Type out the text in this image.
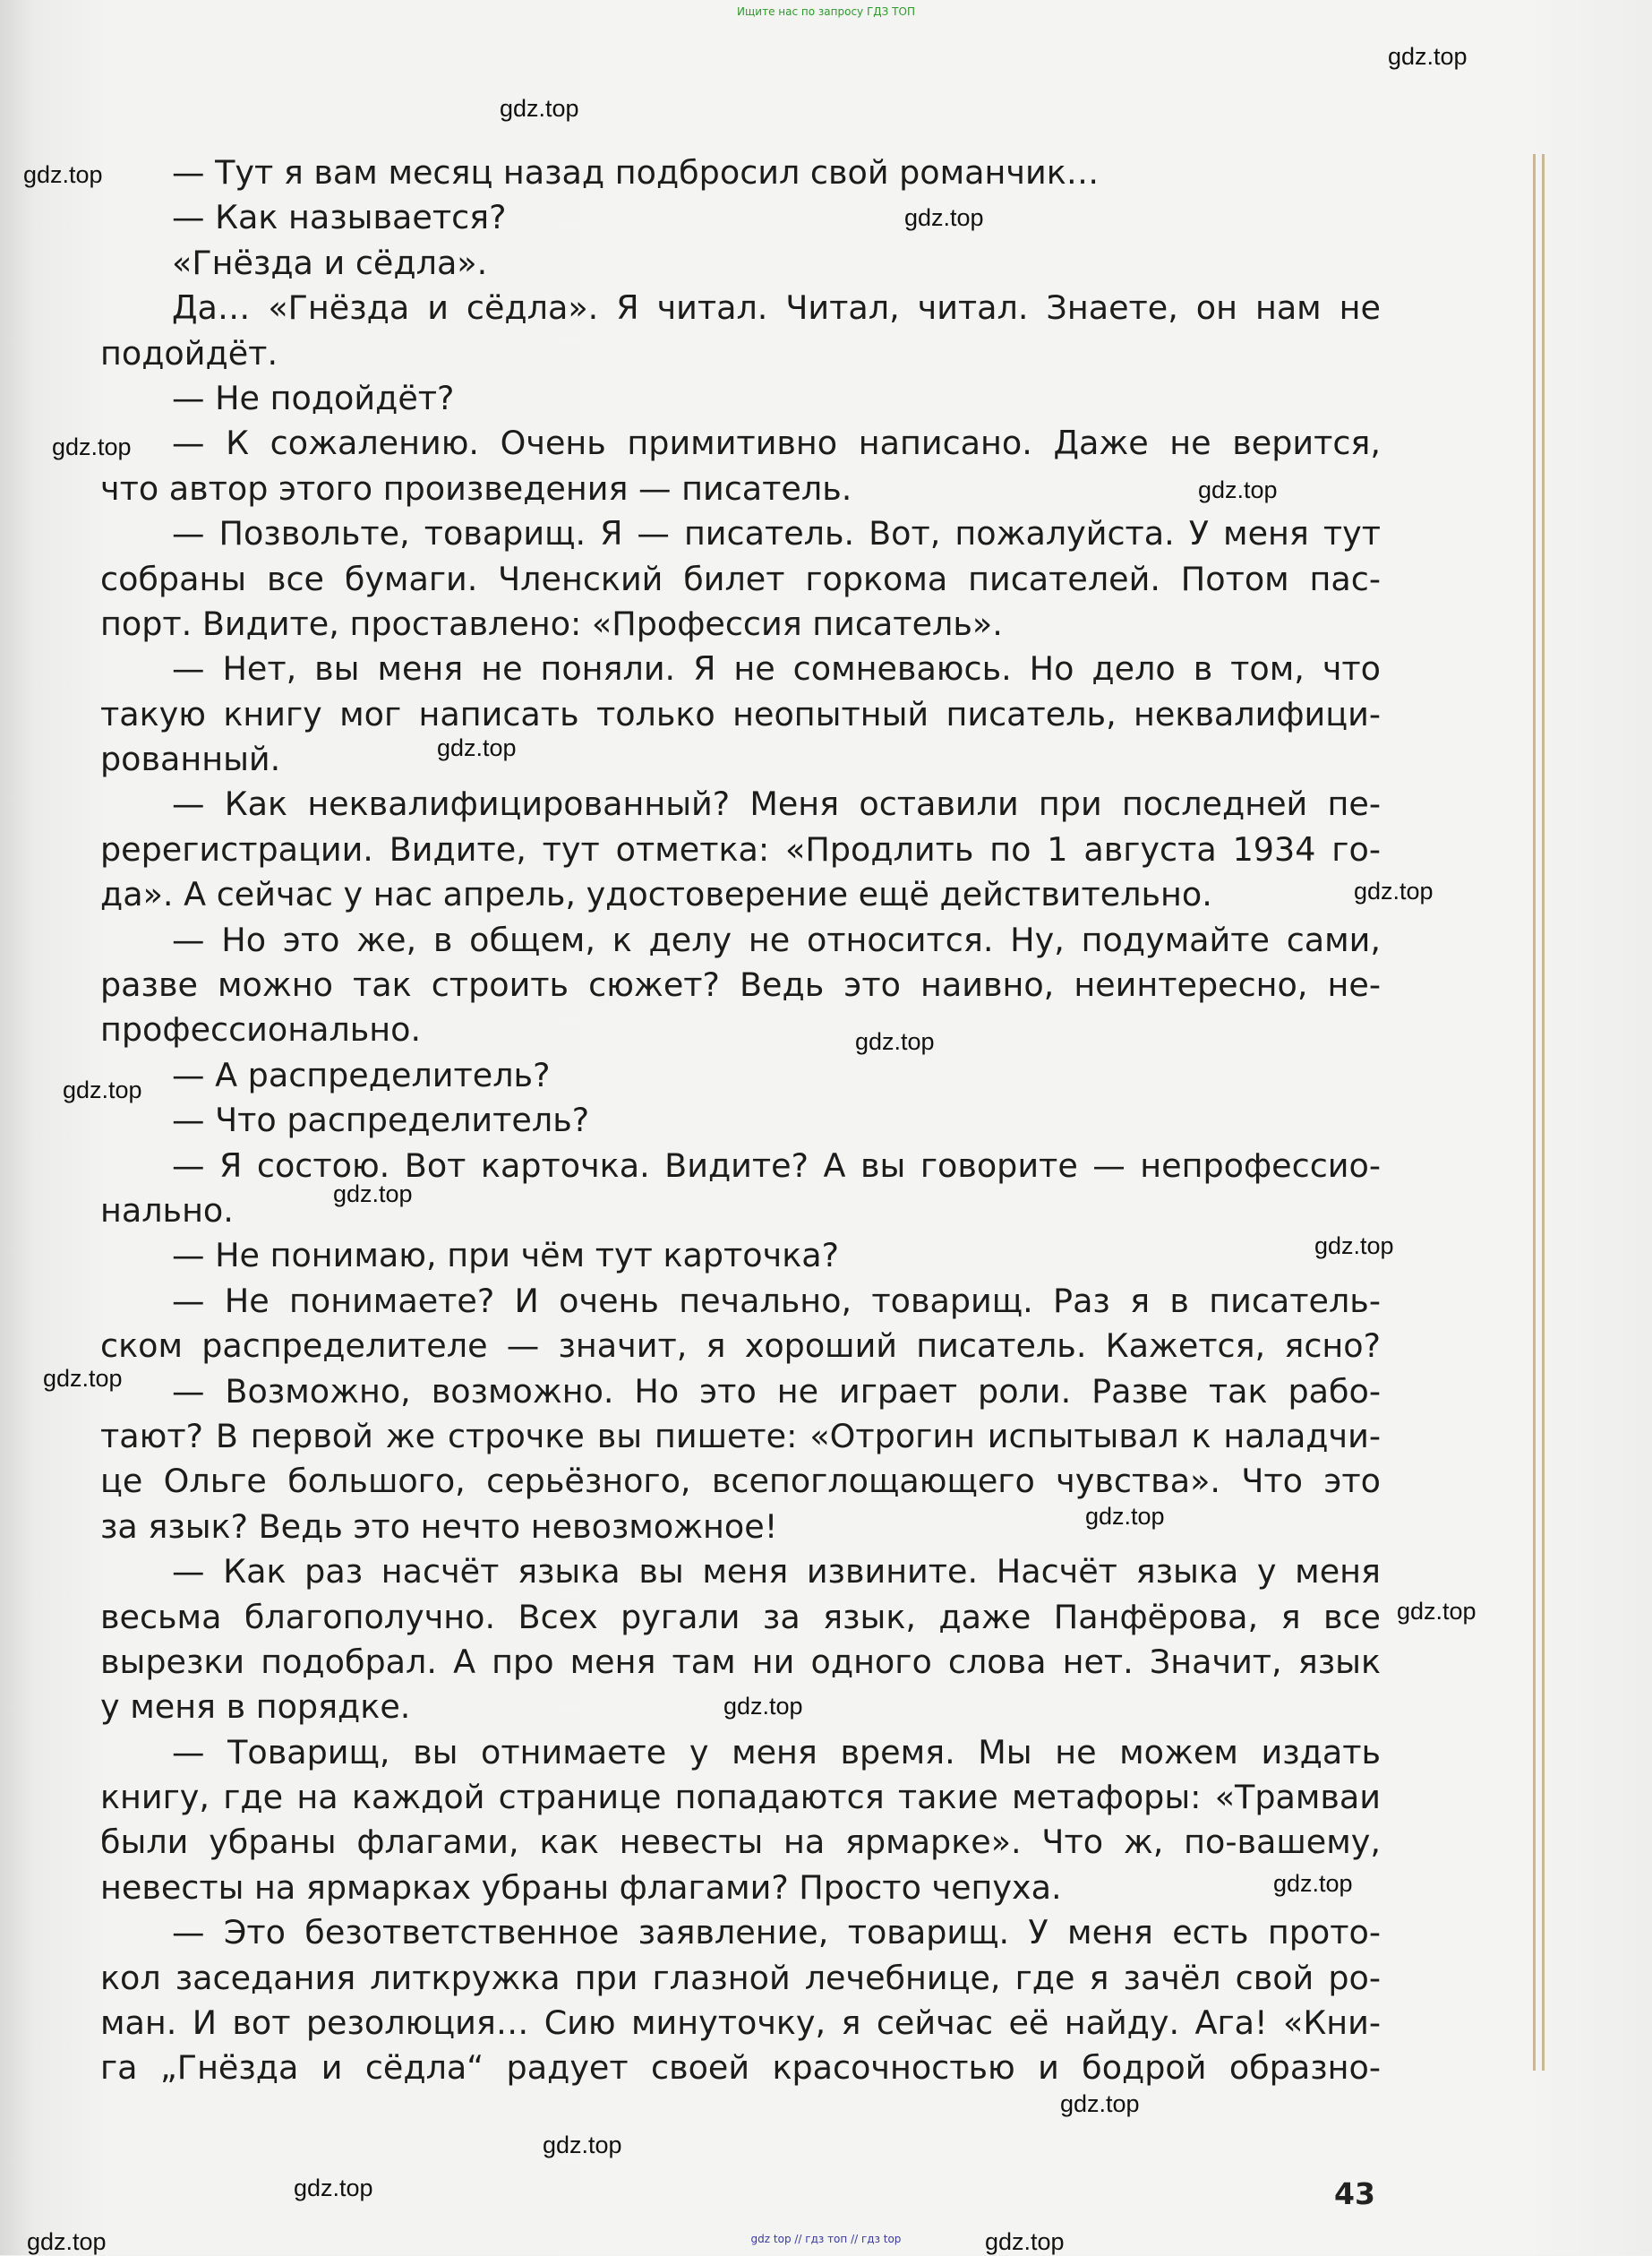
Ищите нас по запросу ГДЗ ТОП
— Тут я вам месяц назад подбросил свой романчик…
— Как называется?
«Гнёзда и сёдла».
Да… «Гнёзда и сёдла». Я читал. Читал, читал. Знаете, он нам не
подойдёт.
— Не подойдёт?
— К сожалению. Очень примитивно написано. Даже не верится,
что автор этого произведения — писатель.
— Позвольте, товарищ. Я — писатель. Вот, пожалуйста. У меня тут
собраны все бумаги. Членский билет горкома писателей. Потом пас-
порт. Видите, проставлено: «Профессия писатель».
— Нет, вы меня не поняли. Я не сомневаюсь. Но дело в том, что
такую книгу мог написать только неопытный писатель, неквалифици-
рованный.
— Как неквалифицированный? Меня оставили при последней пе-
ререгистрации. Видите, тут отметка: «Продлить по 1 августа 1934 го-
да». А сейчас у нас апрель, удостоверение ещё действительно.
— Но это же, в общем, к делу не относится. Ну, подумайте сами,
разве можно так строить сюжет? Ведь это наивно, неинтересно, не-
профессионально.
— А распределитель?
— Что распределитель?
— Я состою. Вот карточка. Видите? А вы говорите — непрофессио-
нально.
— Не понимаю, при чём тут карточка?
— Не понимаете? И очень печально, товарищ. Раз я в писатель-
ском распределителе — значит, я хороший писатель. Кажется, ясно?
— Возможно, возможно. Но это не играет роли. Разве так рабо-
тают? В первой же строчке вы пишете: «Отрогин испытывал к наладчи-
це Ольге большого, серьёзного, всепоглощающего чувства». Что это
за язык? Ведь это нечто невозможное!
— Как раз насчёт языка вы меня извините. Насчёт языка у меня
весьма благополучно. Всех ругали за язык, даже Панфёрова, я все
вырезки подобрал. А про меня там ни одного слова нет. Значит, язык
у меня в порядке.
— Товарищ, вы отнимаете у меня время. Мы не можем издать
книгу, где на каждой странице попадаются такие метафоры: «Трамваи
были убраны флагами, как невесты на ярмарке». Что ж, по-вашему,
невесты на ярмарках убраны флагами? Просто чепуха.
— Это безответственное заявление, товарищ. У меня есть прото-
кол заседания литкружка при глазной лечебнице, где я зачёл свой ро-
ман. И вот резолюция… Сию минуточку, я сейчас её найду. Ага! «Кни-
га „Гнёзда и сёдла“ радует своей красочностью и бодрой образно-
43
gdz.top
gdz.top
gdz.top
gdz.top
gdz.top
gdz.top
gdz.top
gdz.top
gdz.top
gdz.top
gdz.top
gdz.top
gdz.top
gdz.top
gdz.top
gdz.top
gdz.top
gdz.top
gdz.top
gdz.top
gdz.top	gdz.top
gdz top // гдз топ // гдз top
